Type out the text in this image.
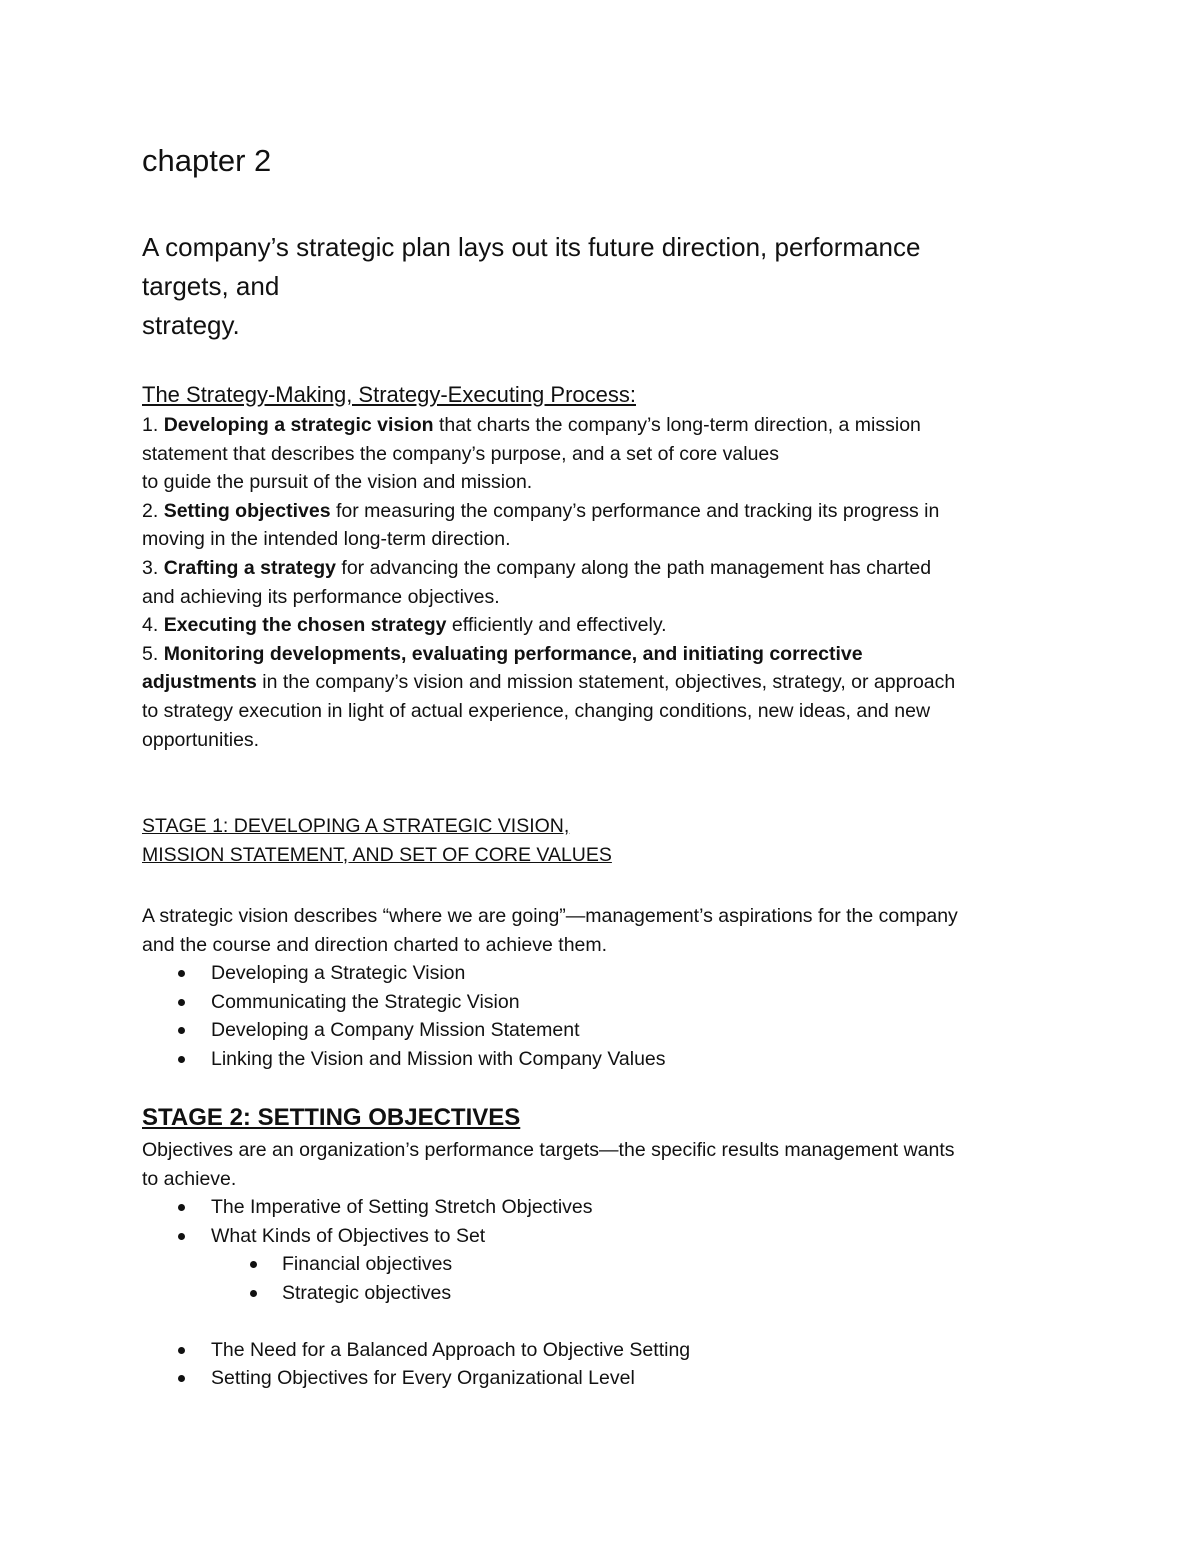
chapter 2
A company’s strategic plan lays out its future direction, performance
targets, and
strategy.
The Strategy-Making, Strategy-Executing Process:
1. Developing a strategic vision that charts the company’s long-term direction, a mission
statement that describes the company’s purpose, and a set of core values
to guide the pursuit of the vision and mission.
2. Setting objectives for measuring the company’s performance and tracking its progress in
moving in the intended long-term direction.
3. Crafting a strategy for advancing the company along the path management has charted
and achieving its performance objectives.
4. Executing the chosen strategy efficiently and effectively.
5. Monitoring developments, evaluating performance, and initiating corrective
adjustments in the company’s vision and mission statement, objectives, strategy, or approach
to strategy execution in light of actual experience, changing conditions, new ideas, and new
opportunities.
STAGE 1: DEVELOPING A STRATEGIC VISION,
MISSION STATEMENT, AND SET OF CORE VALUES
A strategic vision describes “where we are going”—management’s aspirations for the company
and the course and direction charted to achieve them.
Developing a Strategic Vision
Communicating the Strategic Vision
Developing a Company Mission Statement
Linking the Vision and Mission with Company Values
STAGE 2: SETTING OBJECTIVES
Objectives are an organization’s performance targets—the specific results management wants
to achieve.
The Imperative of Setting Stretch Objectives
What Kinds of Objectives to Set
Financial objectives
Strategic objectives
The Need for a Balanced Approach to Objective Setting
Setting Objectives for Every Organizational Level
